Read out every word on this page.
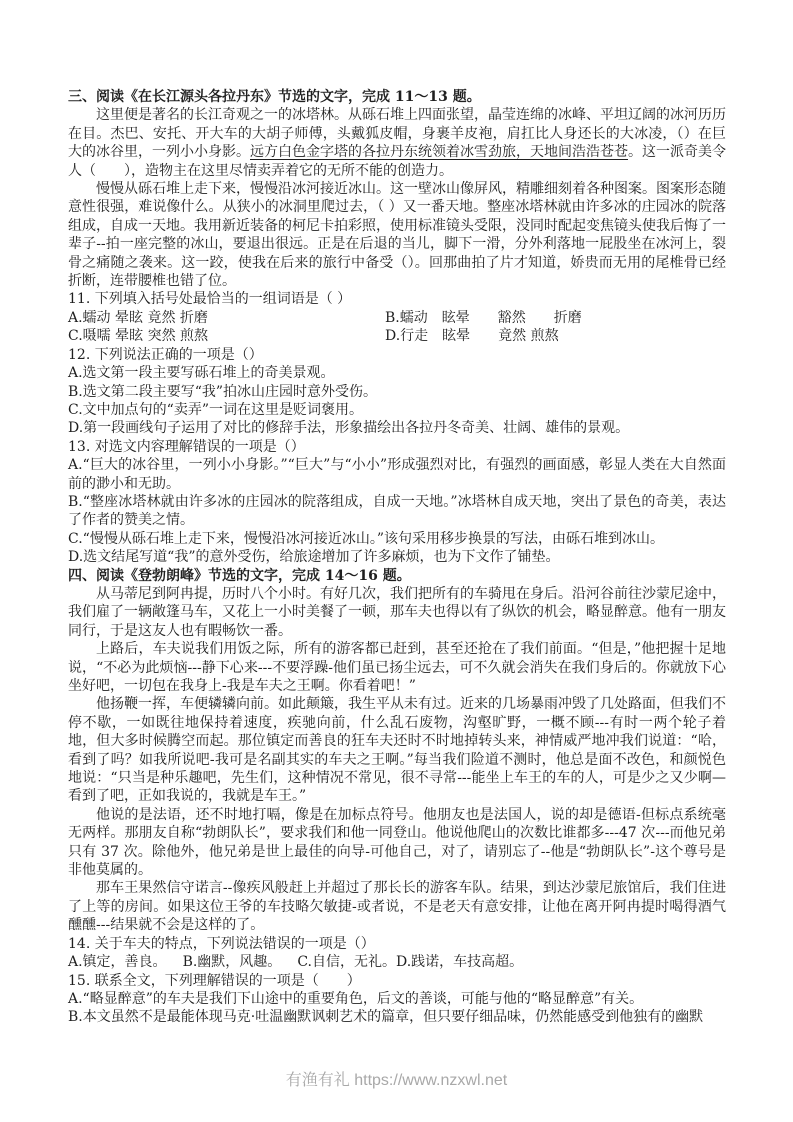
三、阅读《在长江源头各拉丹东》节选的文字，完成 11～13 题。

这里便是著名的长江奇观之一的冰塔林。从砾石堆上四面张望，晶莹连绵的冰峰、平坦辽阔的冰河历历在目。杰巴、安托、开大车的大胡子师傅，头戴狐皮帽，身裹羊皮袍，肩扛比人身还长的大冰凌，（）在巨大的冰谷里，一列小小身影。远方白色金字塔的各拉丹东统领着冰雪劲旅，天地间浩浩苍苍。这一派奇美令人（　　），造物主在这里尽情卖弄着它的无所不能的创造力。

慢慢从砾石堆上走下来，慢慢沿冰河接近冰山。这一壁冰山像屏风，精雕细刻着各种图案。图案形态随意性很强，难说像什么。从狭小的冰洞里爬过去，（ ）又一番天地。整座冰塔林就由许多冰的庄园冰的院落组成，自成一天地。我用新近装备的柯尼卡拍彩照，使用标准镜头受限，没同时配起变焦镜头使我后悔了一辈子--拍一座完整的冰山，要退出很远。正是在后退的当儿，脚下一滑，分外利落地一屁股坐在冰河上，裂骨之痛随之袭来。这一跤，使我在后来的旅行中备受（）。回那曲拍了片才知道，娇贵而无用的尾椎骨已经折断，连带腰椎也错了位。

11. 下列填入括号处最恰当的一组词语是（ ）
A.蠕动 晕眩 竟然 折磨	B.蠕动　眩晕　　豁然　　折磨
C.嗫嚅 晕眩 突然 煎熬	D.行走　眩晕　　竟然 煎熬
12. 下列说法正确的一项是（）
A.选文第一段主要写砾石堆上的奇美景观。
B.选文第二段主要写“我”拍冰山庄园时意外受伤。
C.文中加点句的“卖弄”一词在这里是贬词褒用。
D.第一段画线句子运用了对比的修辞手法，形象描绘出各拉丹冬奇美、壮阔、雄伟的景观。
13. 对选文内容理解错误的一项是（）
A.“巨大的冰谷里，一列小小身影。”“巨大”与“小小”形成强烈对比，有强烈的画面感，彰显人类在大自然面前的渺小和无助。
B.“整座冰塔林就由许多冰的庄园冰的院落组成，自成一天地。”冰塔林自成天地，突出了景色的奇美，表达了作者的赞美之情。
C.“慢慢从砾石堆上走下来，慢慢沿冰河接近冰山。”该句采用移步换景的写法，由砾石堆到冰山。
D.选文结尾写道“我”的意外受伤，给旅途增加了许多麻烦，也为下文作了铺垫。

四、阅读《登勃朗峰》节选的文字，完成 14～16 题。

从马蒂尼到阿冉提，历时八个小时。有好几次，我们把所有的车骑甩在身后。沿河谷前往沙蒙尼途中，我们雇了一辆敞篷马车，又花上一小时美餐了一顿，那车夫也得以有了纵饮的机会，略显醉意。他有一朋友同行，于是这友人也有暇畅饮一番。

上路后，车夫说我们用饭之际，所有的游客都已赶到，甚至还抢在了我们前面。“但是，”他把握十足地说，“不必为此烦恼---静下心来---不要浮躁-他们虽已扬尘远去，可不久就会消失在我们身后的。你就放下心坐好吧，一切包在我身上-我是车夫之王啊。你看着吧！”

他扬鞭一挥，车便辚辚向前。如此颠簸，我生平从未有过。近来的几场暴雨冲毁了几处路面，但我们不停不歇，一如既往地保持着速度，疾驰向前，什么乱石废物，沟壑旷野，一概不顾---有时一两个轮子着地，但大多时候腾空而起。那位镇定而善良的狂车夫还时不时地掉转头来，神情威严地冲我们说道：“哈，看到了吗？如我所说吧-我可是名副其实的车夫之王啊。”每当我们险道不测时，他总是面不改色，和颜悦色地说：“只当是种乐趣吧，先生们，这种情况不常见，很不寻常---能坐上车王的车的人，可是少之又少啊—看到了吧，正如我说的，我就是车王。”

他说的是法语，还不时地打嗝，像是在加标点符号。他朋友也是法国人，说的却是德语-但标点系统毫无两样。那朋友自称“勃朗队长”，要求我们和他一同登山。他说他爬山的次数比谁都多---47 次---而他兄弟只有 37 次。除他外，他兄弟是世上最佳的向导-可他自己，对了，请别忘了--他是“勃朗队长”-这个尊号是非他莫属的。

那车王果然信守诺言--像疾风般赶上并超过了那长长的游客车队。结果，到达沙蒙尼旅馆后，我们住进了上等的房间。如果这位王爷的车技略欠敏捷-或者说，不是老天有意安排，让他在离开阿冉提时喝得酒气醺醺---结果就不会是这样的了。

14. 关于车夫的特点，下列说法错误的一项是（）
A.镇定，善良。 B.幽默，风趣。 C.自信，无礼。D.践诺，车技高超。
15. 联系全文，下列理解错误的一项是（　　）
A.“略显醉意”的车夫是我们下山途中的重要角色，后文的善谈，可能与他的“略显醉意”有关。
B.本文虽然不是最能体现马克·吐温幽默讽刺艺术的篇章，但只要仔细品味，仍然能感受到他独有的幽默
有渔有礼 https://www.nzxwl.net
